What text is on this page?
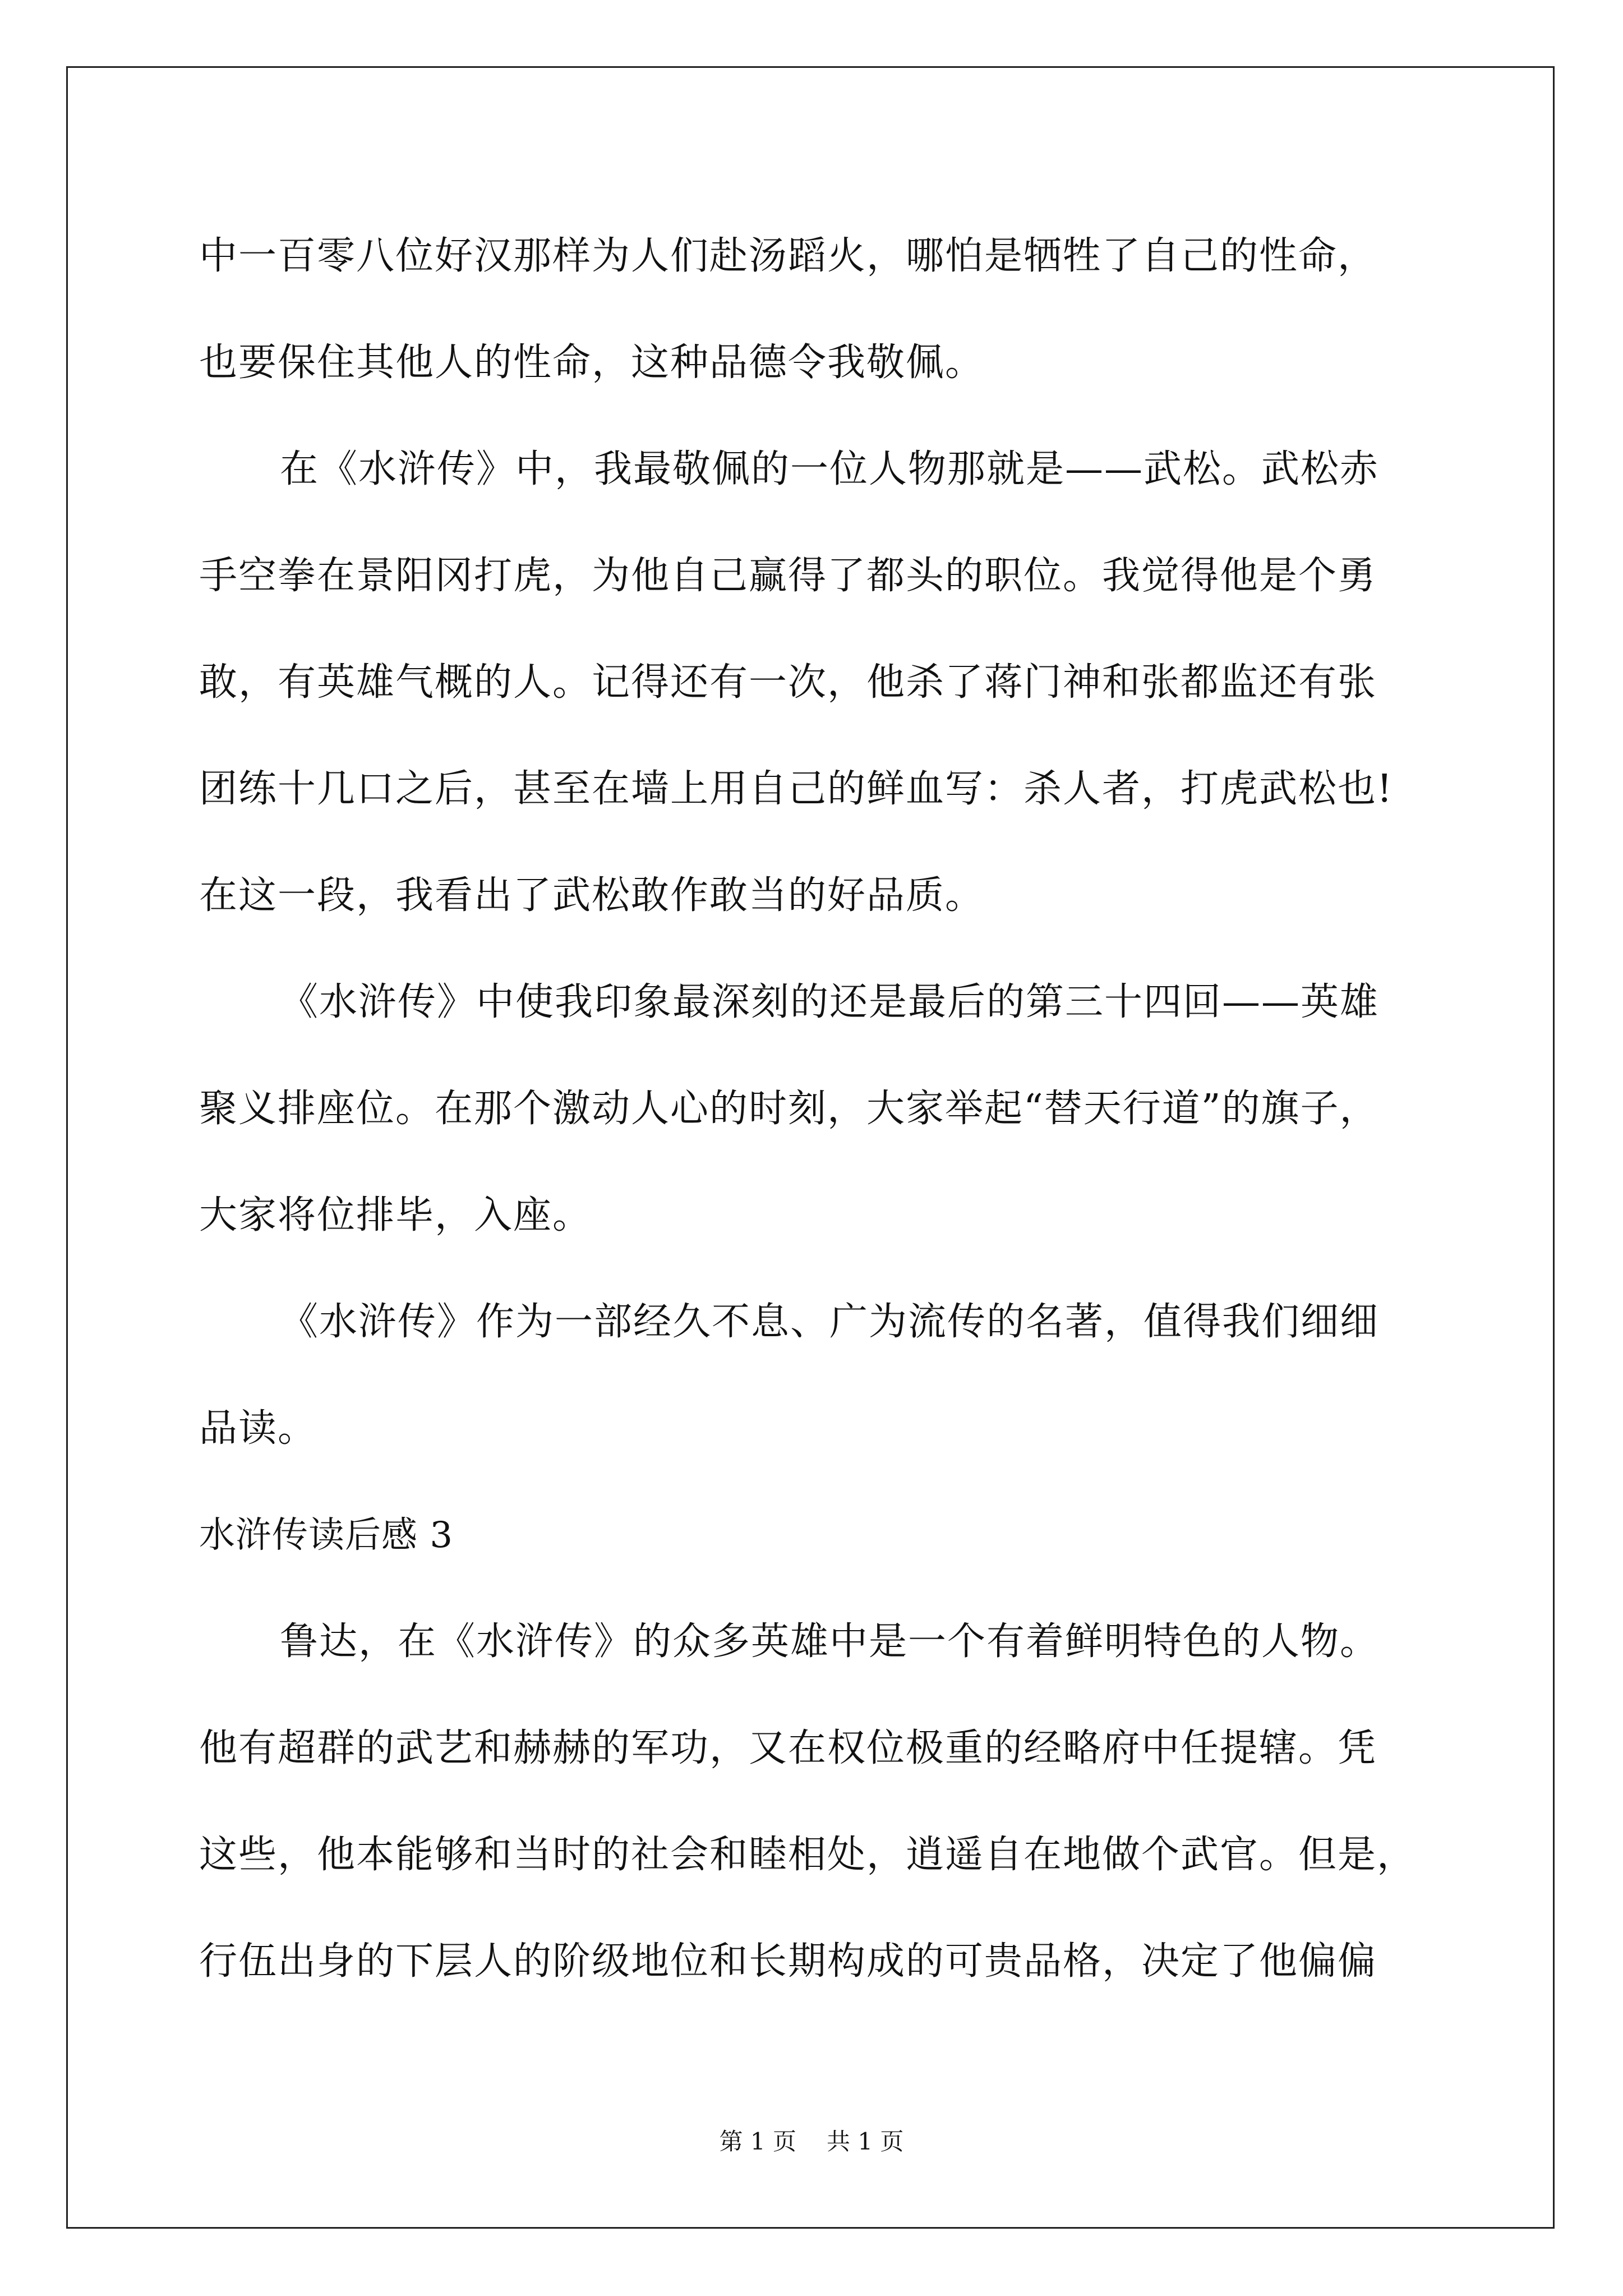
中一百零八位好汉那样为人们赴汤蹈火，哪怕是牺牲了自己的性命，
也要保住其他人的性命，这种品德令我敬佩。
在《水浒传》中，我最敬佩的一位人物那就是——武松。武松赤
手空拳在景阳冈打虎，为他自己赢得了都头的职位。我觉得他是个勇
敢，有英雄气概的人。记得还有一次，他杀了蒋门神和张都监还有张
团练十几口之后，甚至在墙上用自己的鲜血写：杀人者，打虎武松也!
在这一段，我看出了武松敢作敢当的好品质。
《水浒传》中使我印象最深刻的还是最后的第三十四回——英雄
聚义排座位。在那个激动人心的时刻，大家举起“替天行道”的旗子，
大家将位排毕，入座。
《水浒传》作为一部经久不息、广为流传的名著，值得我们细细
品读。
水浒传读后感 3
鲁达，在《水浒传》的众多英雄中是一个有着鲜明特色的人物。
他有超群的武艺和赫赫的军功，又在权位极重的经略府中任提辖。凭
这些，他本能够和当时的社会和睦相处，逍遥自在地做个武官。但是，
行伍出身的下层人的阶级地位和长期构成的可贵品格，决定了他偏偏
第 1 页 共 1 页
